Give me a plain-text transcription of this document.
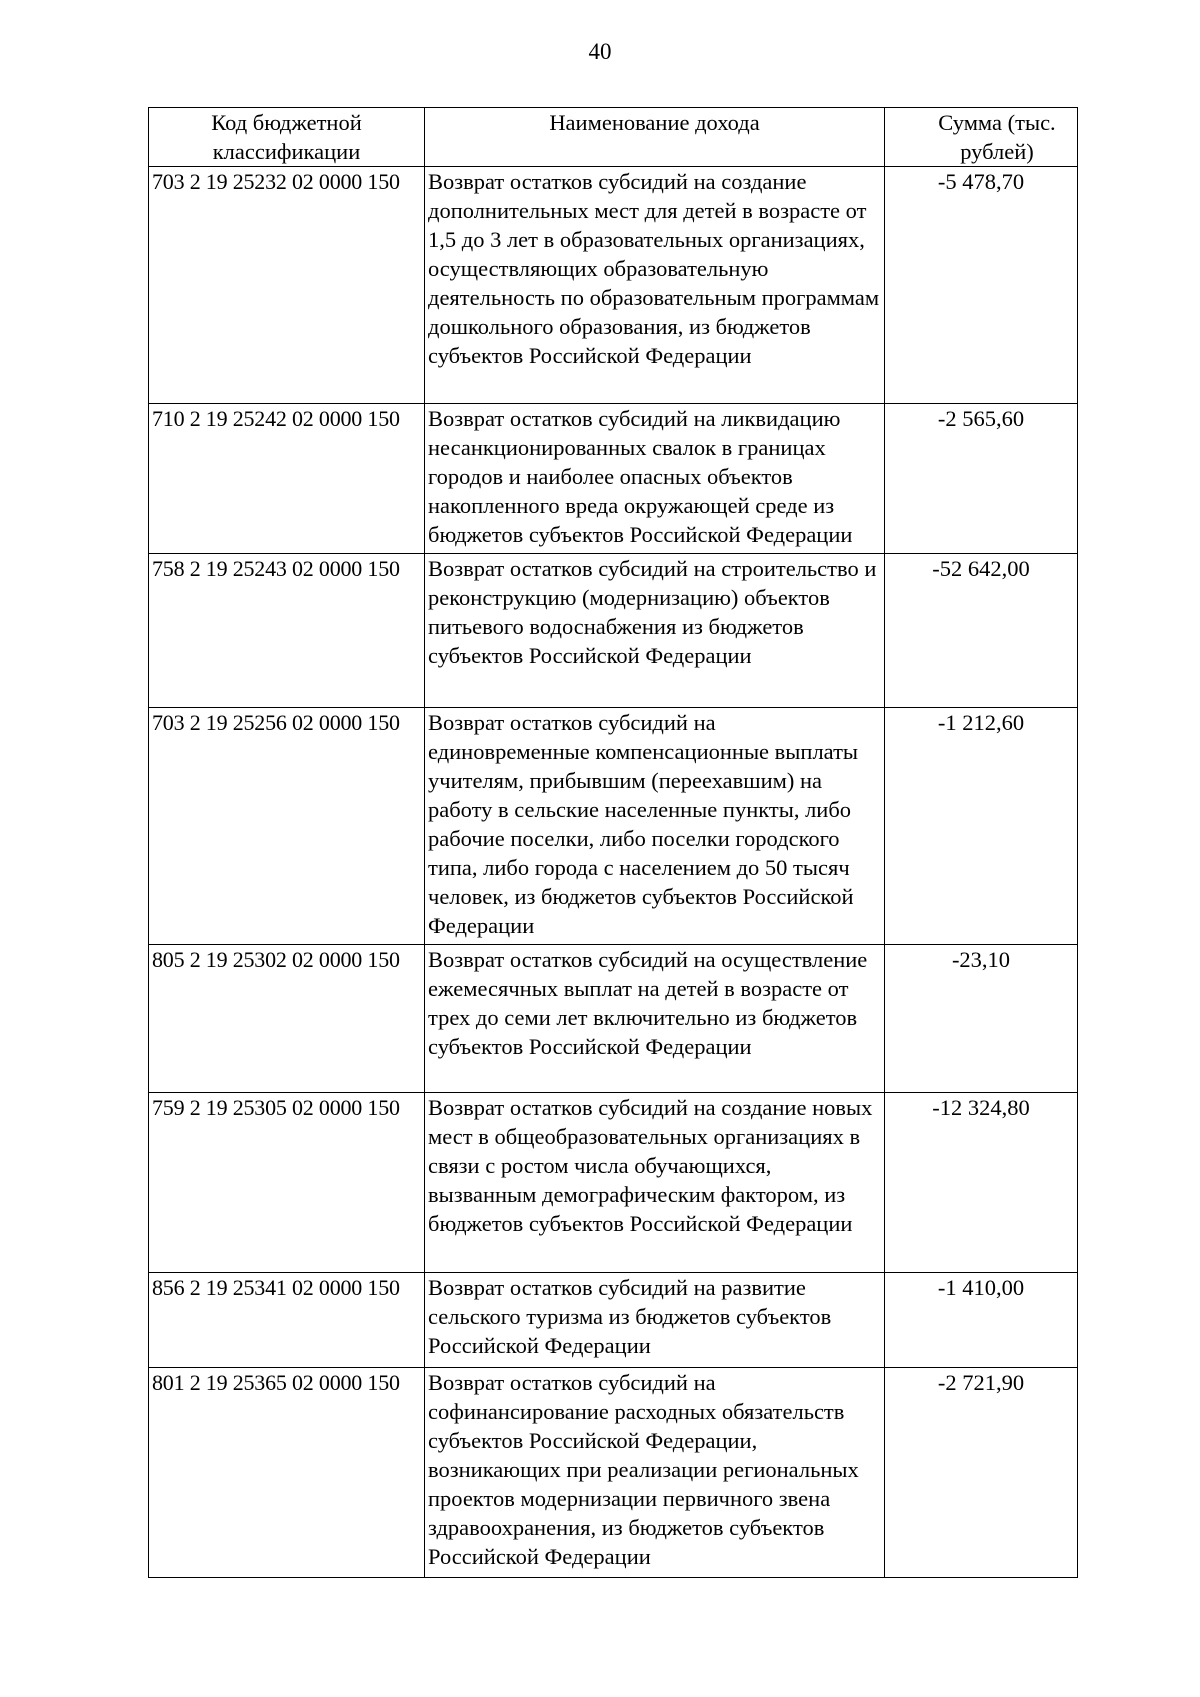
40
Код бюджетной классификации	Наименование дохода	Сумма (тыс. рублей)
703 2 19 25232 02 0000 150	Возврат остатков субсидий на создание дополнительных мест для детей в возрасте от 1,5 до 3 лет в образовательных организациях, осуществляющих образовательную деятельность по образовательным программам дошкольного образования, из бюджетов субъектов Российской Федерации	-5 478,70
710 2 19 25242 02 0000 150	Возврат остатков субсидий на ликвидацию несанкционированных свалок в границах городов и наиболее опасных объектов накопленного вреда окружающей среде из бюджетов субъектов Российской Федерации	-2 565,60
758 2 19 25243 02 0000 150	Возврат остатков субсидий на строительство и реконструкцию (модернизацию) объектов питьевого водоснабжения из бюджетов субъектов Российской Федерации	-52 642,00
703 2 19 25256 02 0000 150	Возврат остатков субсидий на единовременные компенсационные выплаты учителям, прибывшим (переехавшим) на работу в сельские населенные пункты, либо рабочие поселки, либо поселки городского типа, либо города с населением до 50 тысяч человек, из бюджетов субъектов Российской Федерации	-1 212,60
805 2 19 25302 02 0000 150	Возврат остатков субсидий на осуществление ежемесячных выплат на детей в возрасте от трех до семи лет включительно из бюджетов субъектов Российской Федерации	-23,10
759 2 19 25305 02 0000 150	Возврат остатков субсидий на создание новых мест в общеобразовательных организациях в связи с ростом числа обучающихся, вызванным демографическим фактором, из бюджетов субъектов Российской Федерации	-12 324,80
856 2 19 25341 02 0000 150	Возврат остатков субсидий на развитие сельского туризма из бюджетов субъектов Российской Федерации	-1 410,00
801 2 19 25365 02 0000 150	Возврат остатков субсидий на софинансирование расходных обязательств субъектов Российской Федерации, возникающих при реализации региональных проектов модернизации первичного звена здравоохранения, из бюджетов субъектов Российской Федерации	-2 721,90
